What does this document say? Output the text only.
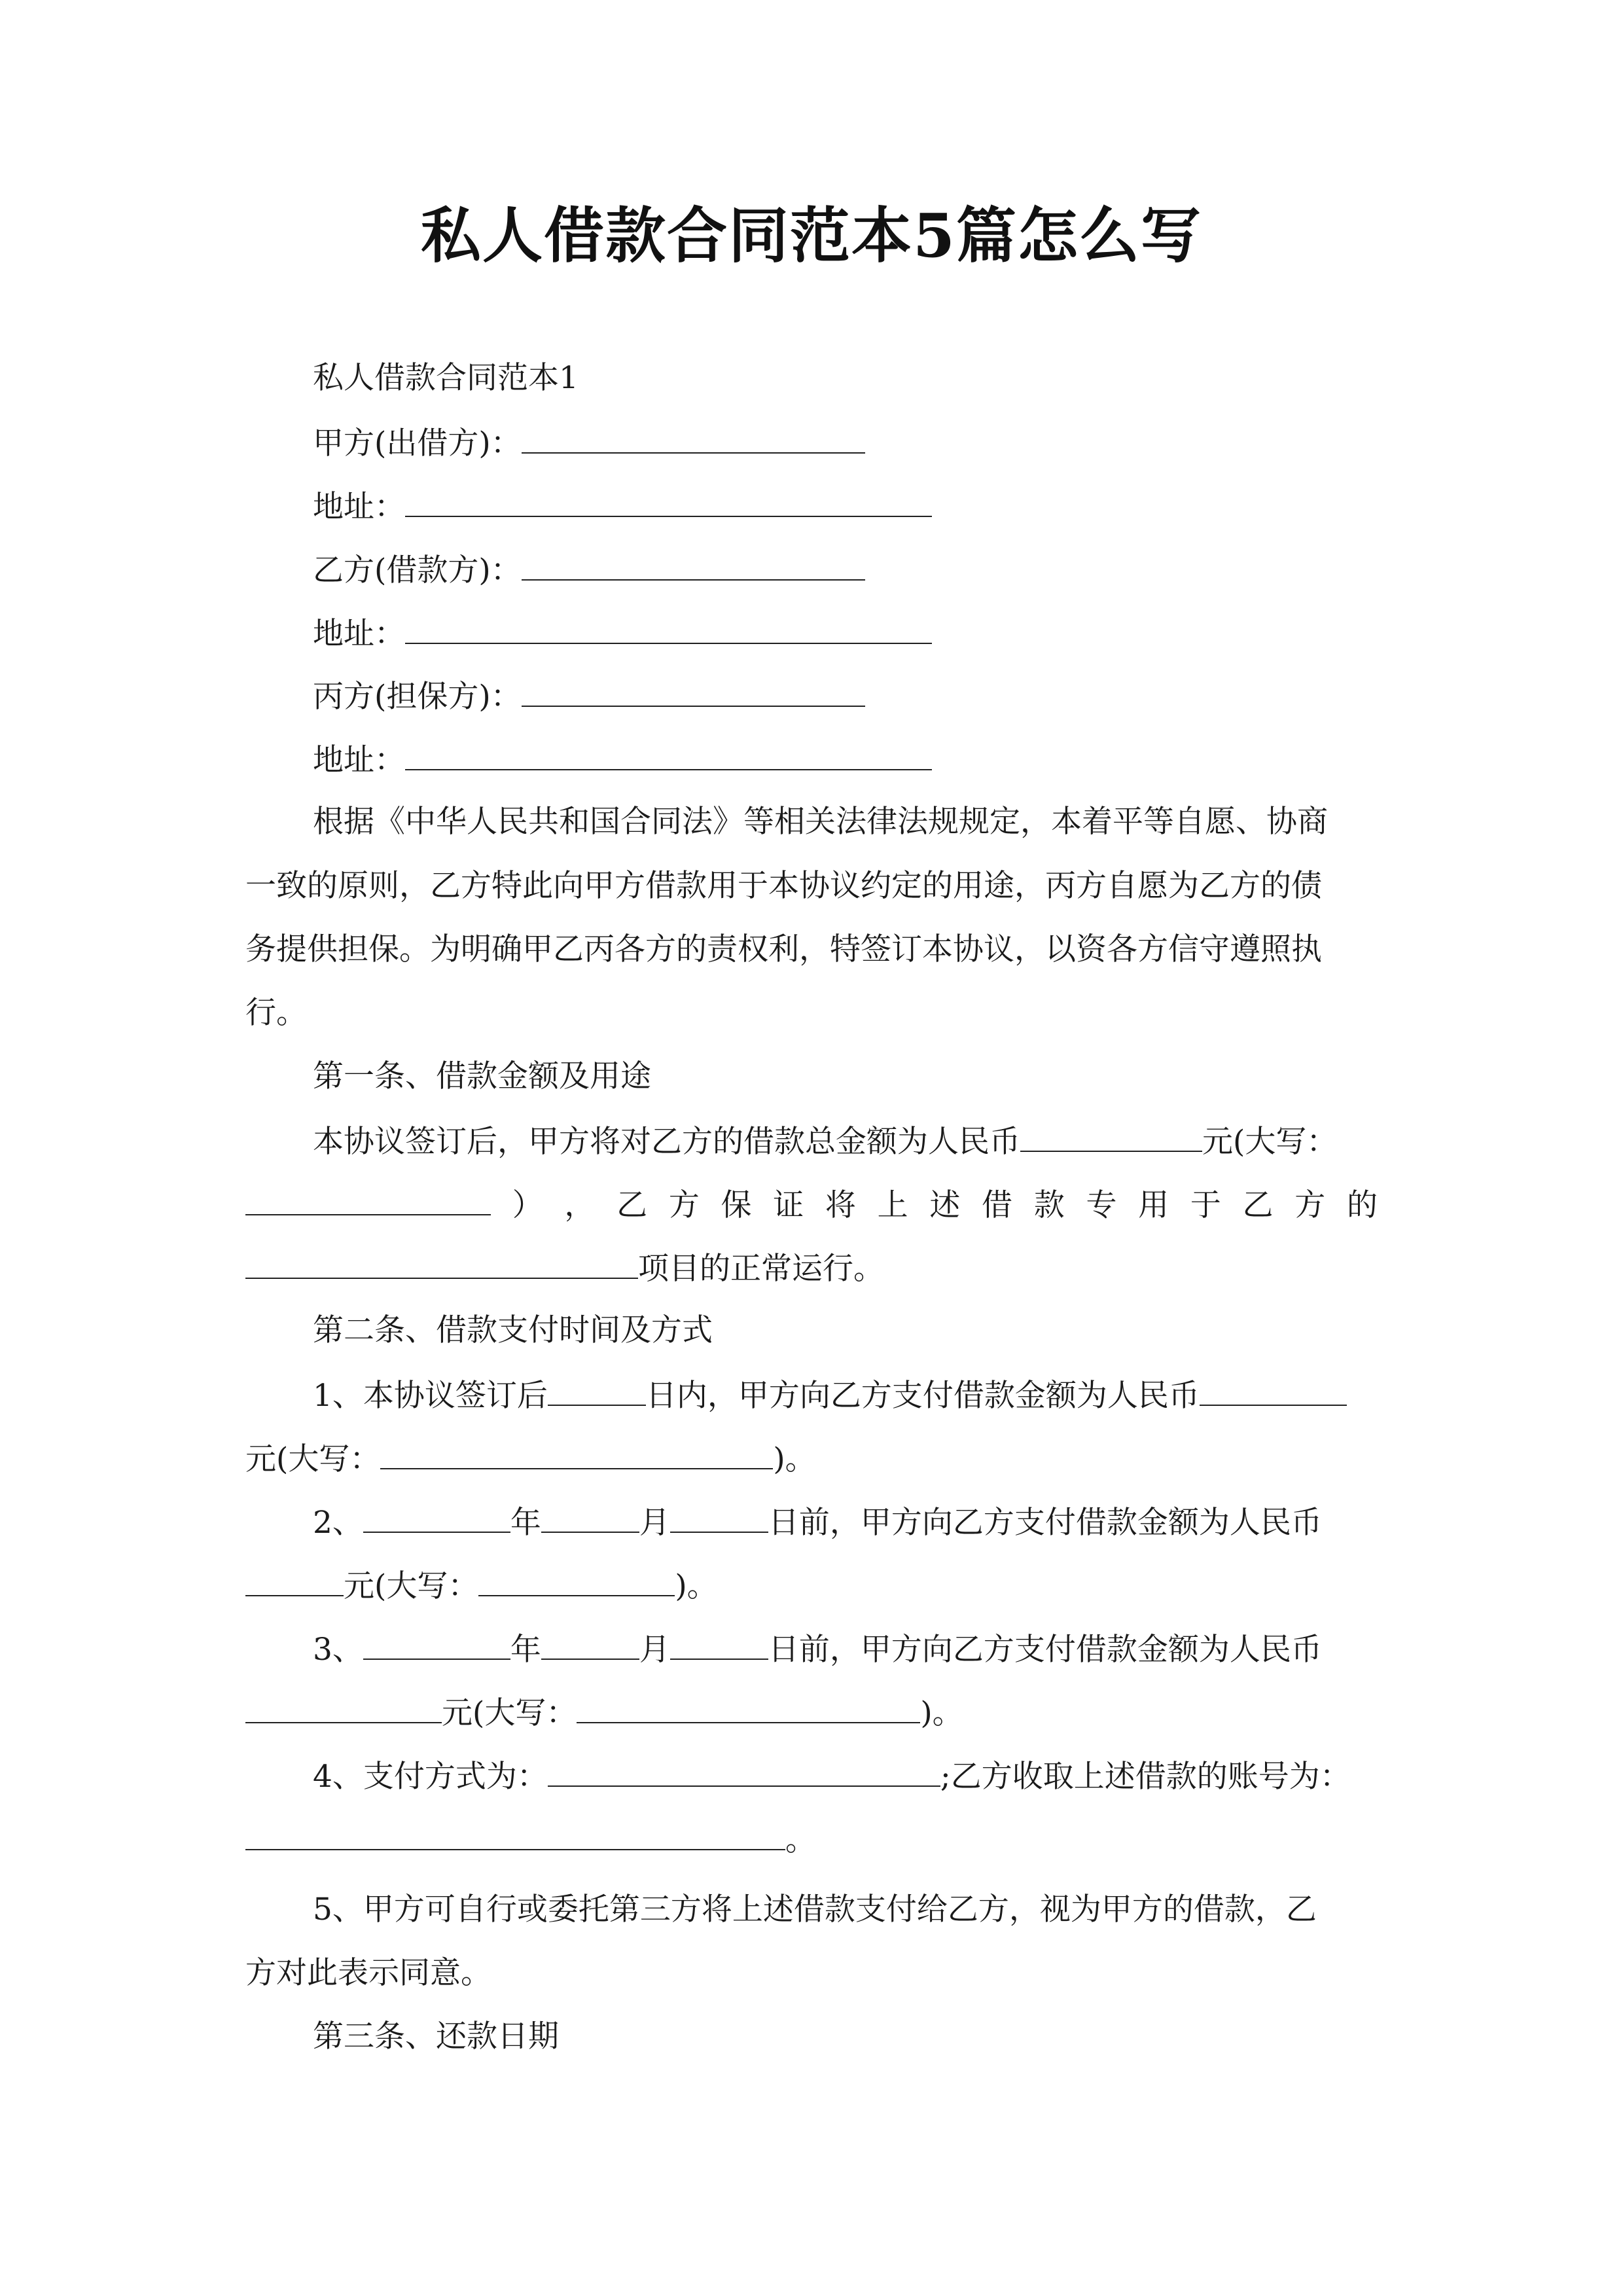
私人借款合同范本5篇怎么写
私人借款合同范本1
甲方(出借方)：
地址：
乙方(借款方)：
地址：
丙方(担保方)：
地址：
根据《中华人民共和国合同法》等相关法律法规规定，本着平等自愿、协商
一致的原则，乙方特此向甲方借款用于本协议约定的用途，丙方自愿为乙方的债
务提供担保。为明确甲乙丙各方的责权利，特签订本协议，以资各方信守遵照执
行。
第一条、借款金额及用途
本协议签订后，甲方将对乙方的借款总金额为人民币	元(大写：
） ， 乙 方 保 证 将 上 述 借 款 专 用 于 乙 方 的
项目的正常运行。
第二条、借款支付时间及方式
1、本协议签订后	日内，甲方向乙方支付借款金额为人民币
元(大写：	)。
2、	年	月	日前，甲方向乙方支付借款金额为人民币
元(大写：	)。
3、	年	月	日前，甲方向乙方支付借款金额为人民币
元(大写：	)。
4、支付方式为：	;乙方收取上述借款的账号为：
。
5、甲方可自行或委托第三方将上述借款支付给乙方，视为甲方的借款，乙
方对此表示同意。
第三条、还款日期
